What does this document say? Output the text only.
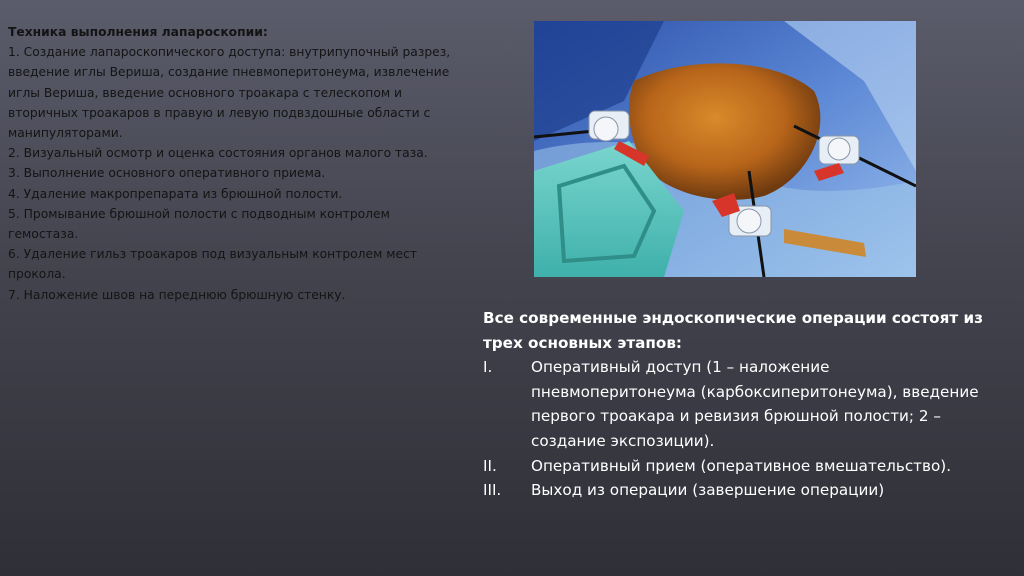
Техника выполнения лапароскопии:
1. Создание лапароскопического доступа: внутрипупочный разрез, введение иглы Вериша, создание пневмоперитонеума, извлечение иглы Вериша, введение основного троакара с телескопом и вторичных троакаров в правую и левую подвздошные области с манипуляторами.
2. Визуальный осмотр и оценка состояния органов малого таза.
3. Выполнение основного оперативного приема.
4. Удаление макропрепарата из брюшной полости.
5. Промывание брюшной полости с подводным контролем гемостаза.
6. Удаление гильз троакаров под визуальным контролем мест прокола.
7. Наложение швов на переднюю брюшную стенку.
Все современные эндоскопические операции состоят из трех основных этапов:
I.	Оперативный доступ (1 – наложение пневмоперитонеума (карбоксиперитонеума), введение первого троакара и ревизия брюшной полости; 2 – создание экспозиции).
II.	Оперативный прием (оперативное вмешательство).
III.	Выход из операции (завершение операции)
